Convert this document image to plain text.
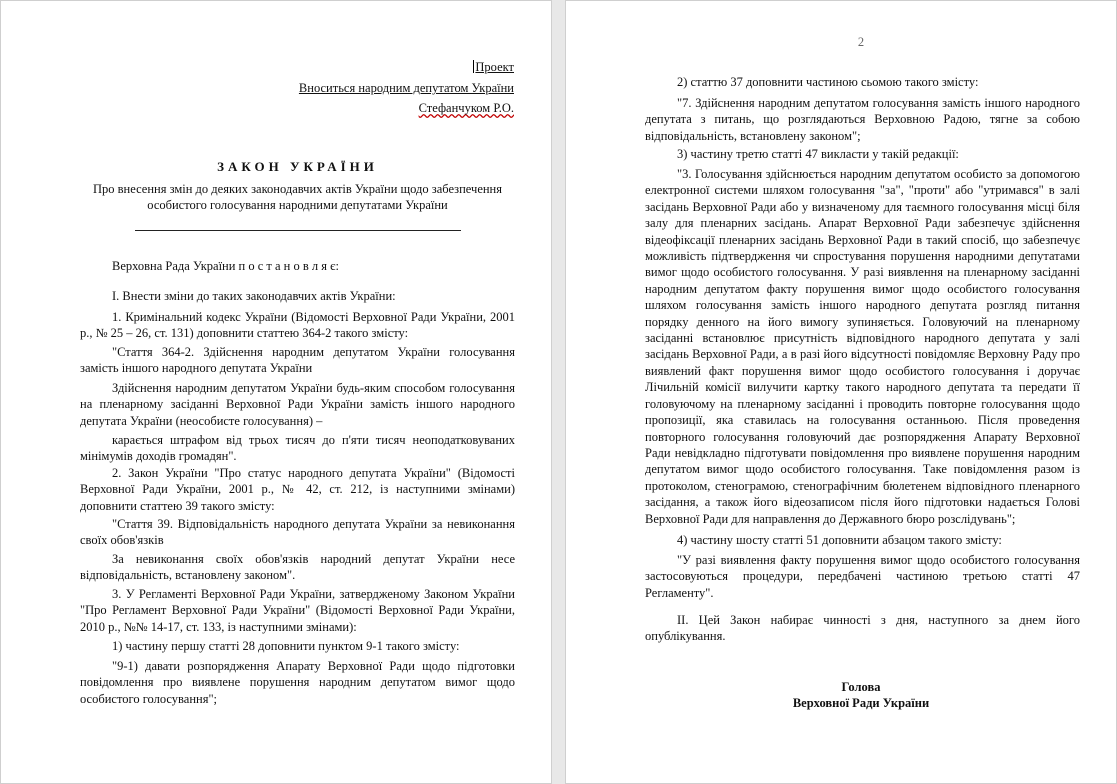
Проект
Вноситься народним депутатом України
Стефанчуком Р.О.
ЗАКОН УКРАЇНИ
Про внесення змін до деяких законодавчих актів України щодо забезпечення
особистого голосування народними депутатами України

Верховна Рада України п о с т а н о в л я є:

І. Внести зміни до таких законодавчих актів України:

1. Кримінальний кодекс України (Відомості Верховної Ради України, 2001 р., № 25 – 26, ст. 131) доповнити статтею 364-2 такого змісту:

"Стаття 364-2. Здійснення народним депутатом України голосування замість іншого народного депутата України

Здійснення народним депутатом України будь-яким способом голосування на пленарному засіданні Верховної Ради України замість іншого народного депутата України (неособисте голосування) –

карається штрафом від трьох тисяч до п'яти тисяч неоподатковуваних мінімумів доходів громадян".

2. Закон України "Про статус народного депутата України" (Відомості Верховної Ради України, 2001 р., № 42, ст. 212, із наступними змінами) доповнити статтею 39 такого змісту:

"Стаття 39. Відповідальність народного депутата України за невиконання своїх обов'язків

За невиконання своїх обов'язків народний депутат України несе відповідальність, встановлену законом".

3. У Регламенті Верховної Ради України, затвердженому Законом України "Про Регламент Верховної Ради України" (Відомості Верховної Ради України, 2010 р., №№ 14-17, ст. 133, із наступними змінами):

1) частину першу статті 28 доповнити пунктом 9-1 такого змісту:

"9-1) давати розпорядження Апарату Верховної Ради щодо підготовки повідомлення про виявлене порушення народним депутатом вимог щодо особистого голосування";

2

2) статтю 37 доповнити частиною сьомою такого змісту:

"7. Здійснення народним депутатом голосування замість іншого народного депутата з питань, що розглядаються Верховною Радою, тягне за собою відповідальність, встановлену законом";

3) частину третю статті 47 викласти у такій редакції:

"3. Голосування здійснюється народним депутатом особисто за допомогою електронної системи шляхом голосування "за", "проти" або "утримався" в залі засідань Верховної Ради або у визначеному для таємного голосування місці біля залу для пленарних засідань. Апарат Верховної Ради забезпечує здійснення відеофіксації пленарних засідань Верховної Ради в такий спосіб, що забезпечує можливість підтвердження чи спростування порушення народними депутатами вимог щодо особистого голосування. У разі виявлення на пленарному засіданні народним депутатом факту порушення вимог щодо особистого голосування шляхом голосування замість іншого народного депутата розгляд питання порядку денного на його вимогу зупиняється. Головуючий на пленарному засіданні встановлює присутність відповідного народного депутата у залі засідань Верховної Ради, а в разі його відсутності повідомляє Верховну Раду про виявлений факт порушення вимог щодо особистого голосування і доручає Лічильній комісії вилучити картку такого народного депутата та передати її головуючому на пленарному засіданні і проводить повторне голосування щодо пропозиції, яка ставилась на голосування останньою. Після проведення повторного голосування головуючий дає розпорядження Апарату Верховної Ради невідкладно підготувати повідомлення про виявлене порушення народним депутатом вимог щодо особистого голосування. Таке повідомлення разом із протоколом, стенограмою, стенографічним бюлетенем відповідного пленарного засідання, а також його відеозаписом після його підготовки надається Голові Верховної Ради для направлення до Державного бюро розслідувань";

4) частину шосту статті 51 доповнити абзацом такого змісту:

"У разі виявлення факту порушення вимог щодо особистого голосування застосовуються процедури, передбачені частиною третьою статті 47 Регламенту".

ІІ. Цей Закон набирає чинності з дня, наступного за днем його опублікування.

Голова
Верховної Ради України
